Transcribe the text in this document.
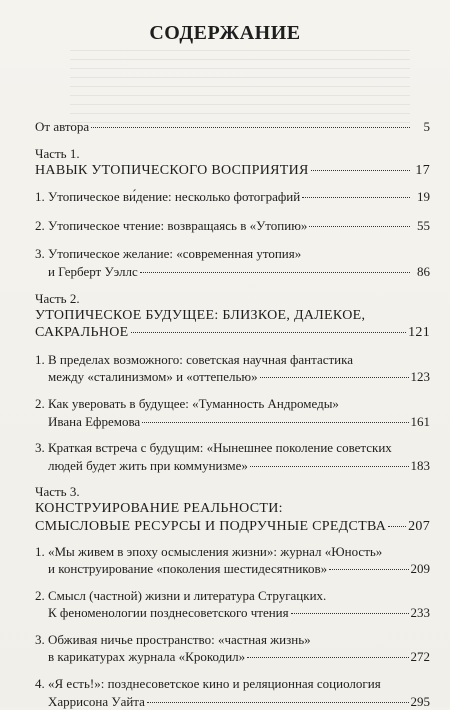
СОДЕРЖАНИЕ
От автора	5
Часть 1.
НАВЫК УТОПИЧЕСКОГО ВОСПРИЯТИЯ	17
1. Утопическое ви́дение: несколько фотографий	19
2. Утопическое чтение: возвращаясь в «Утопию»	55
3. Утопическое желание: «современная утопия»
и Герберт Уэллс	86
Часть 2.
УТОПИЧЕСКОЕ БУДУЩЕЕ: БЛИЗКОЕ, ДАЛЕКОЕ,
САКРАЛЬНОЕ	121
1. В пределах возможного: советская научная фантастика
между «сталинизмом» и «оттепелью»	123
2. Как уверовать в будущее: «Туманность Андромеды»
Ивана Ефремова	161
3. Краткая встреча с будущим: «Нынешнее поколение советских
людей будет жить при коммунизме»	183
Часть 3.
КОНСТРУИРОВАНИЕ РЕАЛЬНОСТИ:
СМЫСЛОВЫЕ РЕСУРСЫ И ПОДРУЧНЫЕ СРЕДСТВА 207
1. «Мы живем в эпоху осмысления жизни»: журнал «Юность»
и конструирование «поколения шестидесятников»	209
2. Смысл (частной) жизни и литература Стругацких.
К феноменологии позднесоветского чтения	233
3. Обживая ничье пространство: «частная жизнь»
в карикатурах журнала «Крокодил»	272
4. «Я есть!»: позднесоветское кино и реляционная социология
Харрисона Уайта	295
